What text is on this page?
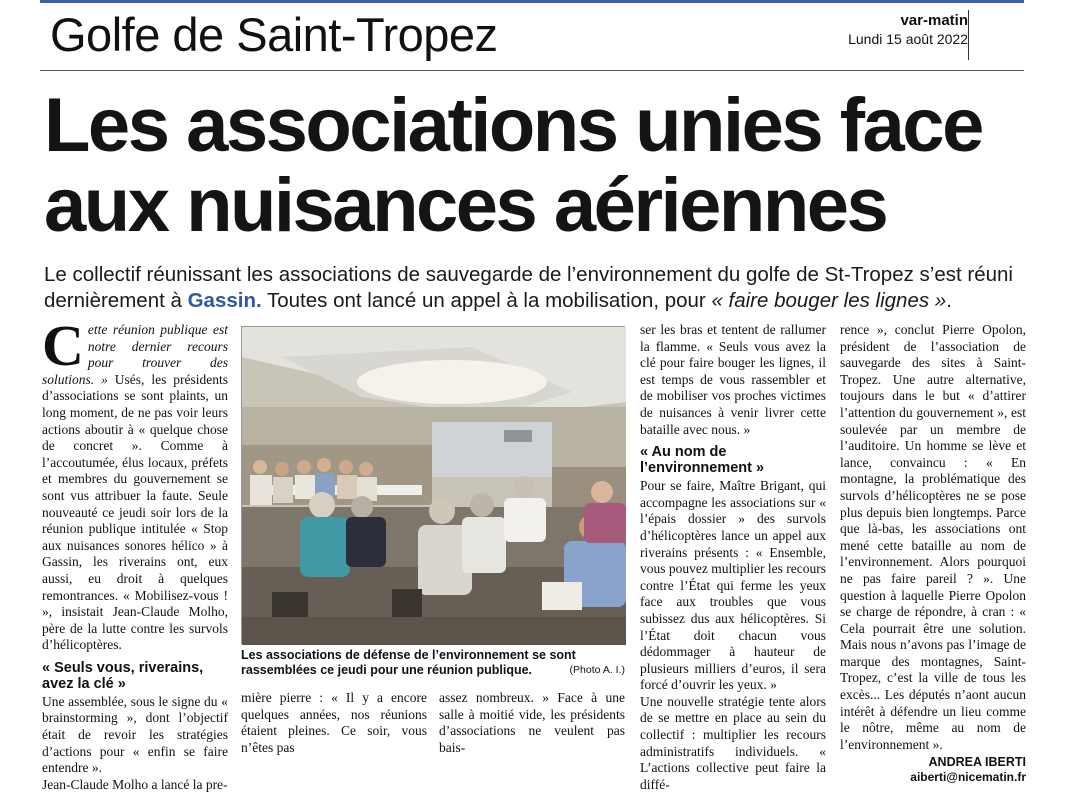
Golfe de Saint-Tropez	var-matin
Lundi 15 août 2022
Les associations unies face
aux nuisances aériennes
Le collectif réunissant les associations de sauvegarde de l’environnement du golfe de St-Tropez s’est réuni dernièrement à Gassin. Toutes ont lancé un appel à la mobilisation, pour « faire bouger les lignes ».

Cette réunion publique est notre dernier recours pour trouver des solutions. » Usés, les présidents d’associations se sont plaints, un long moment, de ne pas voir leurs actions aboutir à « quelque chose de concret ». Comme à l’accoutumée, élus locaux, préfets et membres du gouvernement se sont vus attribuer la faute. Seule nouveauté ce jeudi soir lors de la réunion publique intitulée « Stop aux nuisances sonores hélico » à Gassin, les riverains ont, eux aussi, eu droit à quelques remontrances. « Mobilisez-vous ! », insistait Jean-Claude Molho, père de la lutte contre les survols d’hélicoptères.

« Seuls vous, riverains, avez la clé »

Une assemblée, sous le signe du « brainstorming », dont l’objectif était de revoir les stratégies d’actions pour « enfin se faire entendre ».

Jean-Claude Molho a lancé la pre-

Les associations de défense de l’environnement se sont rassemblées ce jeudi pour une réunion publique.	(Photo A. I.)

mière pierre : « Il y a encore quelques années, nos réunions étaient pleines. Ce soir, vous n’êtes pas

assez nombreux. » Face à une salle à moitié vide, les présidents d’associations ne veulent pas bais-

ser les bras et tentent de rallumer la flamme. « Seuls vous avez la clé pour faire bouger les lignes, il est temps de vous rassembler et de mobiliser vos proches victimes de nuisances à venir livrer cette bataille avec nous. »

« Au nom de l’environnement »

Pour se faire, Maître Brigant, qui accompagne les associations sur « l’épais dossier » des survols d’hélicoptères lance un appel aux riverains présents : « Ensemble, vous pouvez multiplier les recours contre l’État qui ferme les yeux face aux troubles que vous subissez dus aux hélicoptères. Si l’État doit chacun vous dédommager à hauteur de plusieurs milliers d’euros, il sera forcé d’ouvrir les yeux. »

Une nouvelle stratégie tente alors de se mettre en place au sein du collectif : multiplier les recours administratifs individuels. « L’actions collective peut faire la diffé-

rence », conclut Pierre Opolon, président de l’association de sauvegarde des sites à Saint-Tropez. Une autre alternative, toujours dans le but « d’attirer l’attention du gouvernement », est soulevée par un membre de l’auditoire. Un homme se lève et lance, convaincu : « En montagne, la problématique des survols d’hélicoptères ne se pose plus depuis bien longtemps. Parce que là-bas, les associations ont mené cette bataille au nom de l’environnement. Alors pourquoi ne pas faire pareil ? ». Une question à laquelle Pierre Opolon se charge de répondre, à cran : « Cela pourrait être une solution. Mais nous n’avons pas l’image de marque des montagnes, Saint-Tropez, c’est la ville de tous les excès... Les députés n’aont aucun intérêt à défendre un lieu comme le nôtre, même au nom de l’environnement ».

ANDREA IBERTI
aiberti@nicematin.fr
